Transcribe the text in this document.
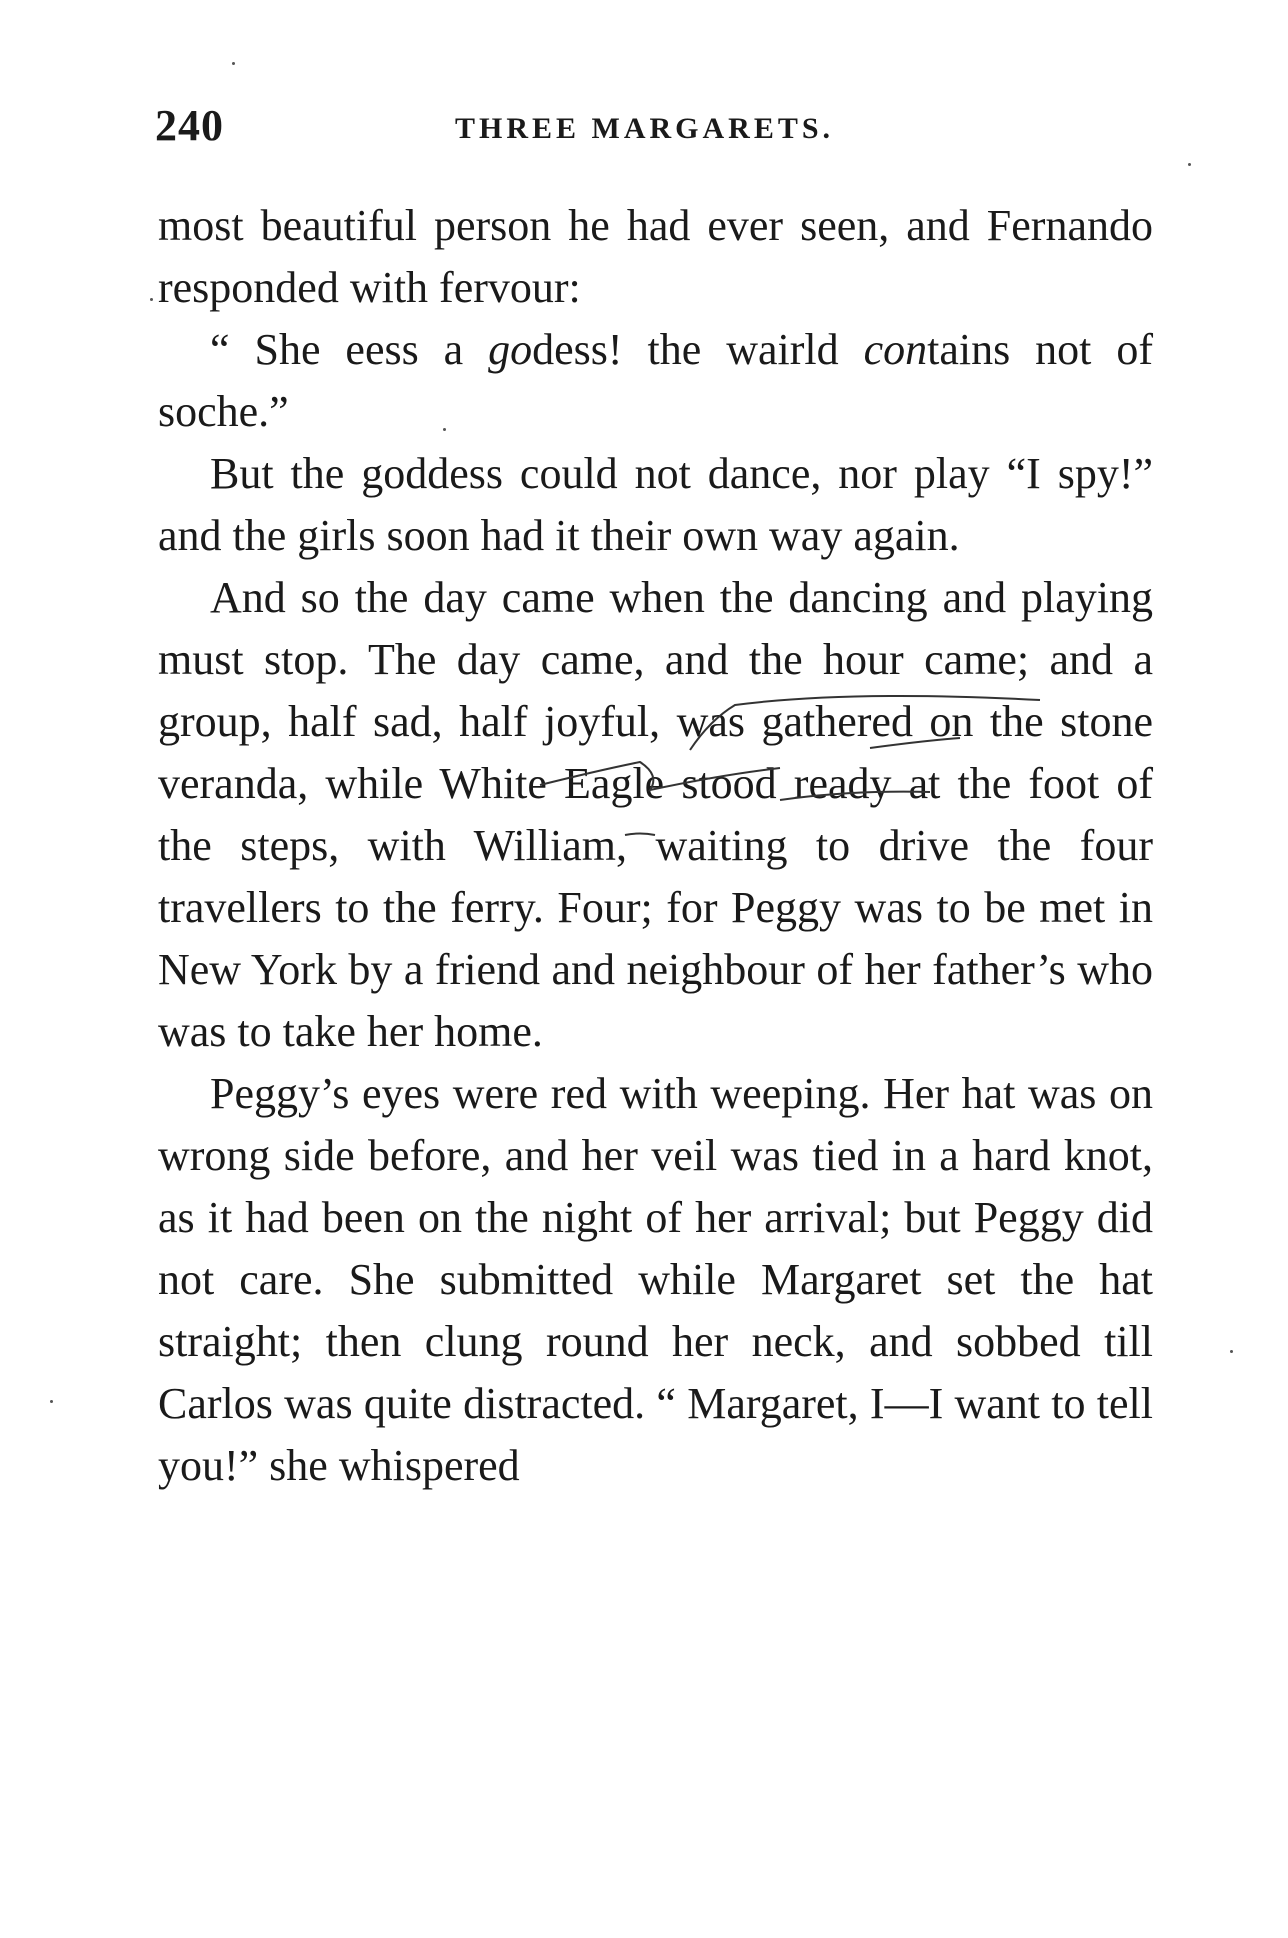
240	THREE MARGARETS.

most beautiful person he had ever seen, and Fernando responded with fervour:

“ She eess a godess! the wairld contains not of soche.”

But the goddess could not dance, nor play “I spy!” and the girls soon had it their own way again.

And so the day came when the dancing and playing must stop. The day came, and the hour came; and a group, half sad, half joyful, was gathered on the stone veranda, while White Eagle stood ready at the foot of the steps, with William, waiting to drive the four travellers to the ferry. Four; for Peggy was to be met in New York by a friend and neighbour of her father’s who was to take her home.

Peggy’s eyes were red with weeping. Her hat was on wrong side before, and her veil was tied in a hard knot, as it had been on the night of her arrival; but Peggy did not care. She submitted while Margaret set the hat straight; then clung round her neck, and sobbed till Carlos was quite distracted. “ Margaret, I—I want to tell you!” she whispered
